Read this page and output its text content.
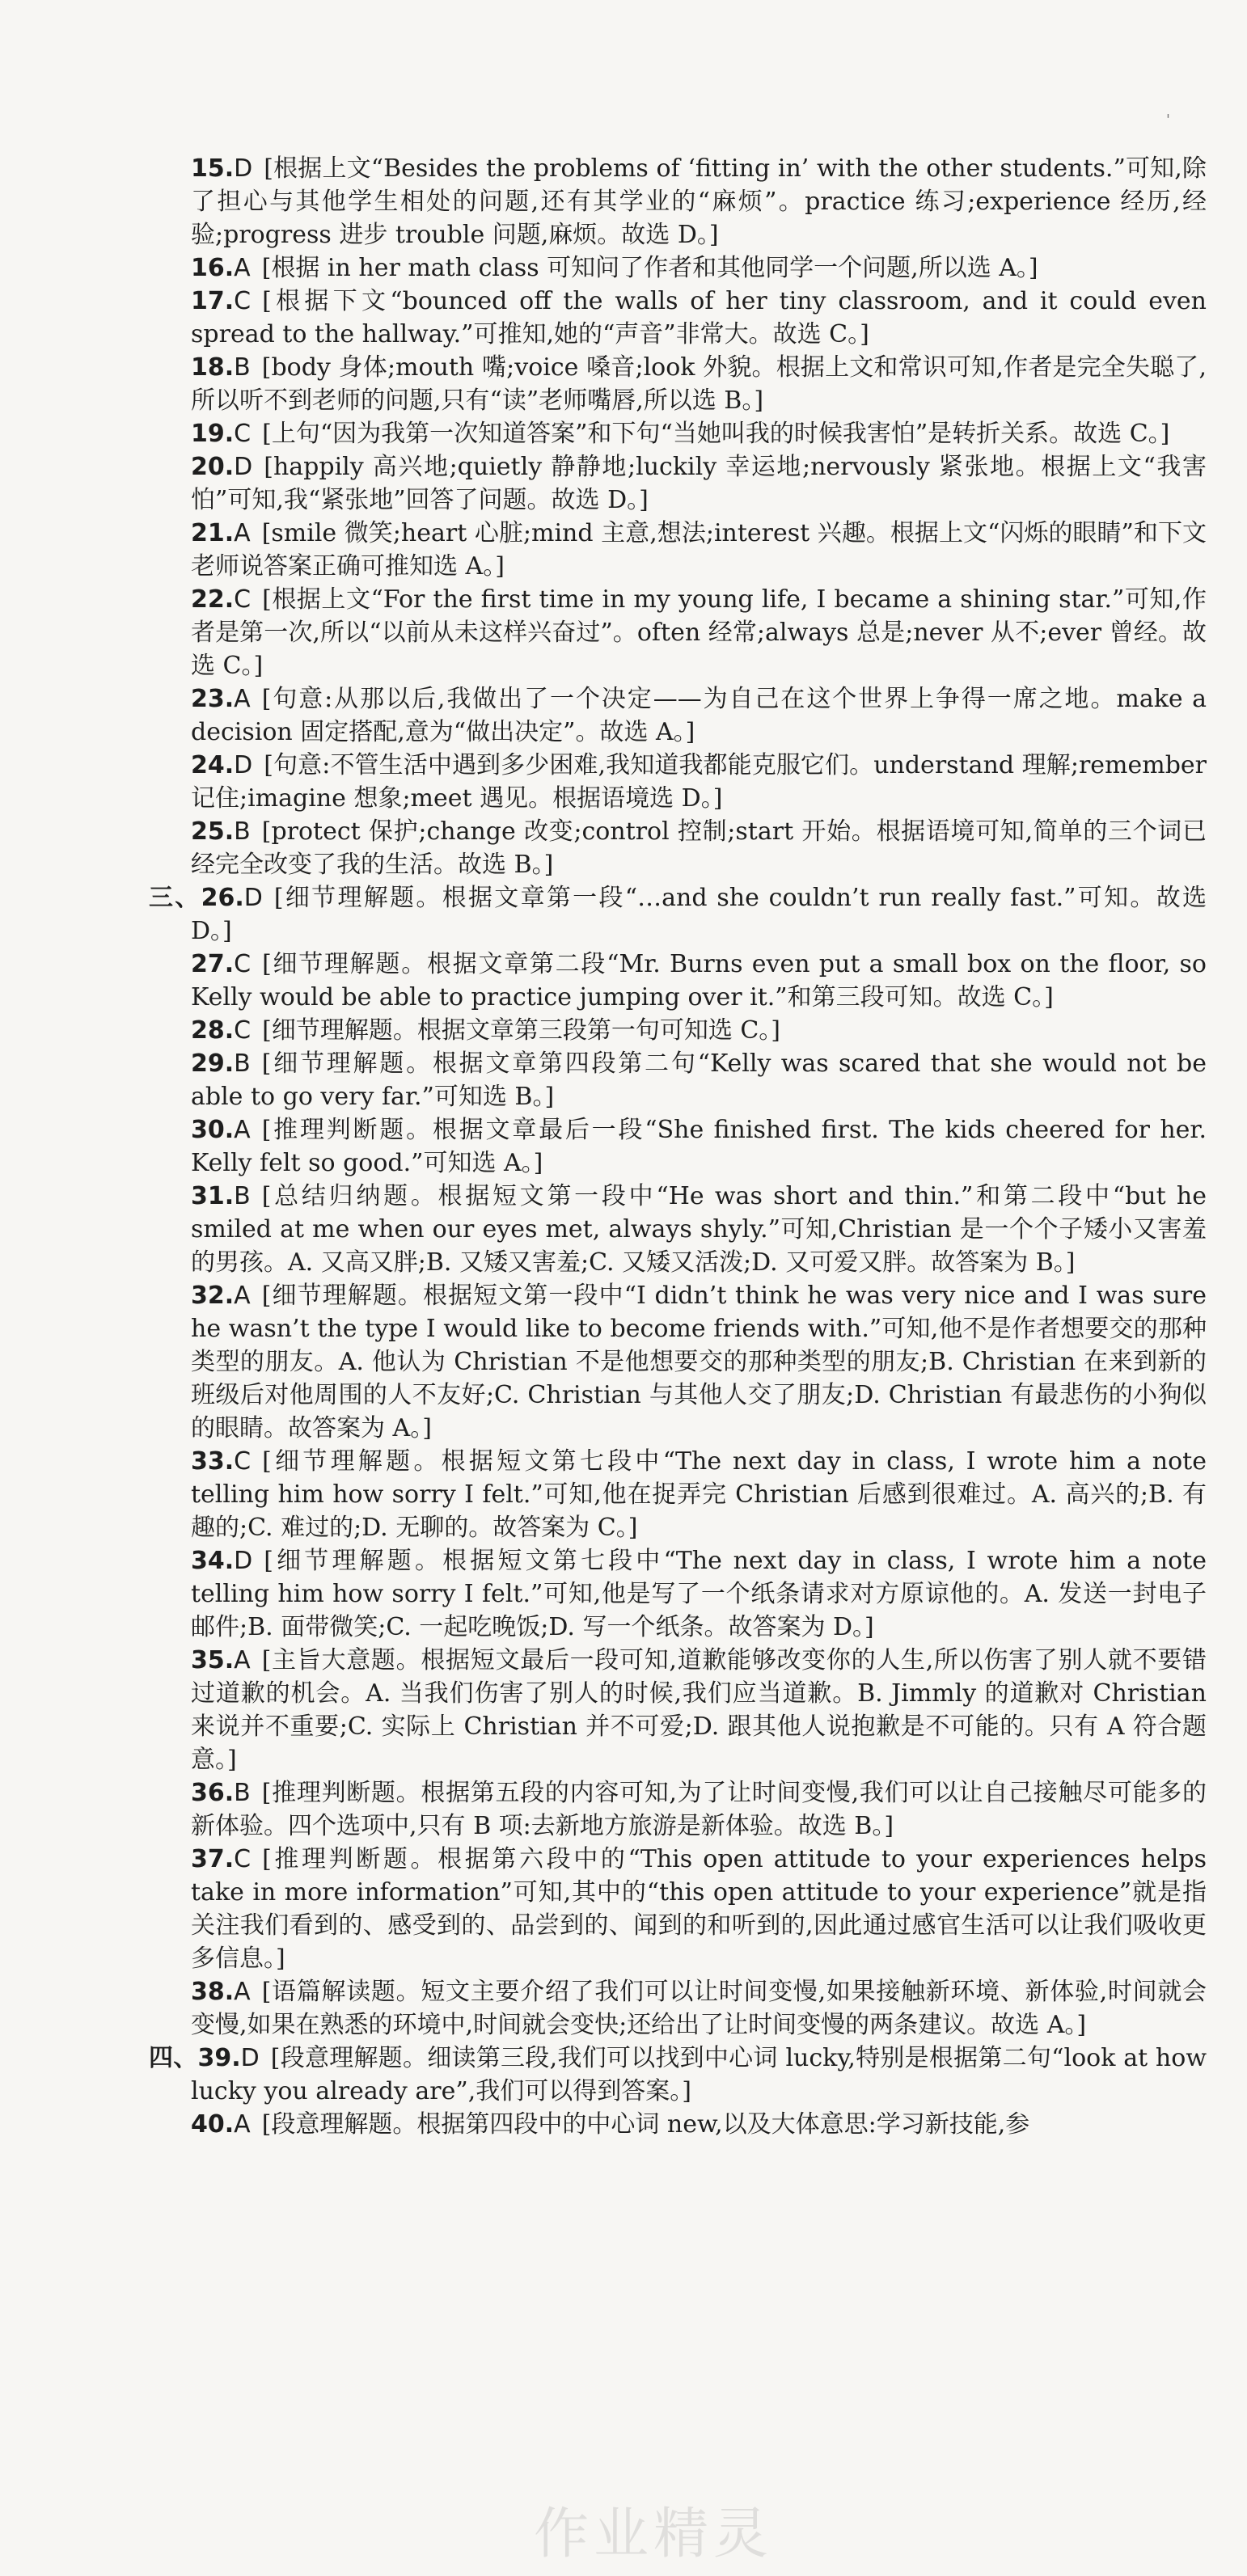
'
15.D [根据上文“Besides the problems of ‘fitting in’ with the other students.”可知,除了担心与其他学生相处的问题,还有其学业的“麻烦”。practice 练习;experience 经历,经验;progress 进步 trouble 问题,麻烦。故选 D。]
16.A [根据 in her math class 可知问了作者和其他同学一个问题,所以选 A。]
17.C [根据下文“bounced off the walls of her tiny classroom, and it could even spread to the hallway.”可推知,她的“声音”非常大。故选 C。]
18.B [body 身体;mouth 嘴;voice 嗓音;look 外貌。根据上文和常识可知,作者是完全失聪了,所以听不到老师的问题,只有“读”老师嘴唇,所以选 B。]
19.C [上句“因为我第一次知道答案”和下句“当她叫我的时候我害怕”是转折关系。故选 C。]
20.D [happily 高兴地;quietly 静静地;luckily 幸运地;nervously 紧张地。根据上文“我害怕”可知,我“紧张地”回答了问题。故选 D。]
21.A [smile 微笑;heart 心脏;mind 主意,想法;interest 兴趣。根据上文“闪烁的眼睛”和下文老师说答案正确可推知选 A。]
22.C [根据上文“For the first time in my young life, I became a shining star.”可知,作者是第一次,所以“以前从未这样兴奋过”。often 经常;always 总是;never 从不;ever 曾经。故选 C。]
23.A [句意:从那以后,我做出了一个决定——为自己在这个世界上争得一席之地。make a decision 固定搭配,意为“做出决定”。故选 A。]
24.D [句意:不管生活中遇到多少困难,我知道我都能克服它们。understand 理解;remember 记住;imagine 想象;meet 遇见。根据语境选 D。]
25.B [protect 保护;change 改变;control 控制;start 开始。根据语境可知,简单的三个词已经完全改变了我的生活。故选 B。]
三、26.D [细节理解题。根据文章第一段“…and she couldn’t run really fast.”可知。故选 D。]
27.C [细节理解题。根据文章第二段“Mr. Burns even put a small box on the floor, so Kelly would be able to practice jumping over it.”和第三段可知。故选 C。]
28.C [细节理解题。根据文章第三段第一句可知选 C。]
29.B [细节理解题。根据文章第四段第二句“Kelly was scared that she would not be able to go very far.”可知选 B。]
30.A [推理判断题。根据文章最后一段“She finished first. The kids cheered for her. Kelly felt so good.”可知选 A。]
31.B [总结归纳题。根据短文第一段中“He was short and thin.”和第二段中“but he smiled at me when our eyes met, always shyly.”可知,Christian 是一个个子矮小又害羞的男孩。A. 又高又胖;B. 又矮又害羞;C. 又矮又活泼;D. 又可爱又胖。故答案为 B。]
32.A [细节理解题。根据短文第一段中“I didn’t think he was very nice and I was sure he wasn’t the type I would like to become friends with.”可知,他不是作者想要交的那种类型的朋友。A. 他认为 Christian 不是他想要交的那种类型的朋友;B. Christian 在来到新的班级后对他周围的人不友好;C. Christian 与其他人交了朋友;D. Christian 有最悲伤的小狗似的眼睛。故答案为 A。]
33.C [细节理解题。根据短文第七段中“The next day in class, I wrote him a note telling him how sorry I felt.”可知,他在捉弄完 Christian 后感到很难过。A. 高兴的;B. 有趣的;C. 难过的;D. 无聊的。故答案为 C。]
34.D [细节理解题。根据短文第七段中“The next day in class, I wrote him a note telling him how sorry I felt.”可知,他是写了一个纸条请求对方原谅他的。A. 发送一封电子邮件;B. 面带微笑;C. 一起吃晚饭;D. 写一个纸条。故答案为 D。]
35.A [主旨大意题。根据短文最后一段可知,道歉能够改变你的人生,所以伤害了别人就不要错过道歉的机会。A. 当我们伤害了别人的时候,我们应当道歉。B. Jimmly 的道歉对 Christian 来说并不重要;C. 实际上 Christian 并不可爱;D. 跟其他人说抱歉是不可能的。只有 A 符合题意。]
36.B [推理判断题。根据第五段的内容可知,为了让时间变慢,我们可以让自己接触尽可能多的新体验。四个选项中,只有 B 项:去新地方旅游是新体验。故选 B。]
37.C [推理判断题。根据第六段中的“This open attitude to your experiences helps take in more information”可知,其中的“this open attitude to your experience”就是指关注我们看到的、感受到的、品尝到的、闻到的和听到的,因此通过感官生活可以让我们吸收更多信息。]
38.A [语篇解读题。短文主要介绍了我们可以让时间变慢,如果接触新环境、新体验,时间就会变慢,如果在熟悉的环境中,时间就会变快;还给出了让时间变慢的两条建议。故选 A。]
四、39.D [段意理解题。细读第三段,我们可以找到中心词 lucky,特别是根据第二句“look at how lucky you already are”,我们可以得到答案。]
40.A [段意理解题。根据第四段中的中心词 new,以及大体意思:学习新技能,参
作业精灵
